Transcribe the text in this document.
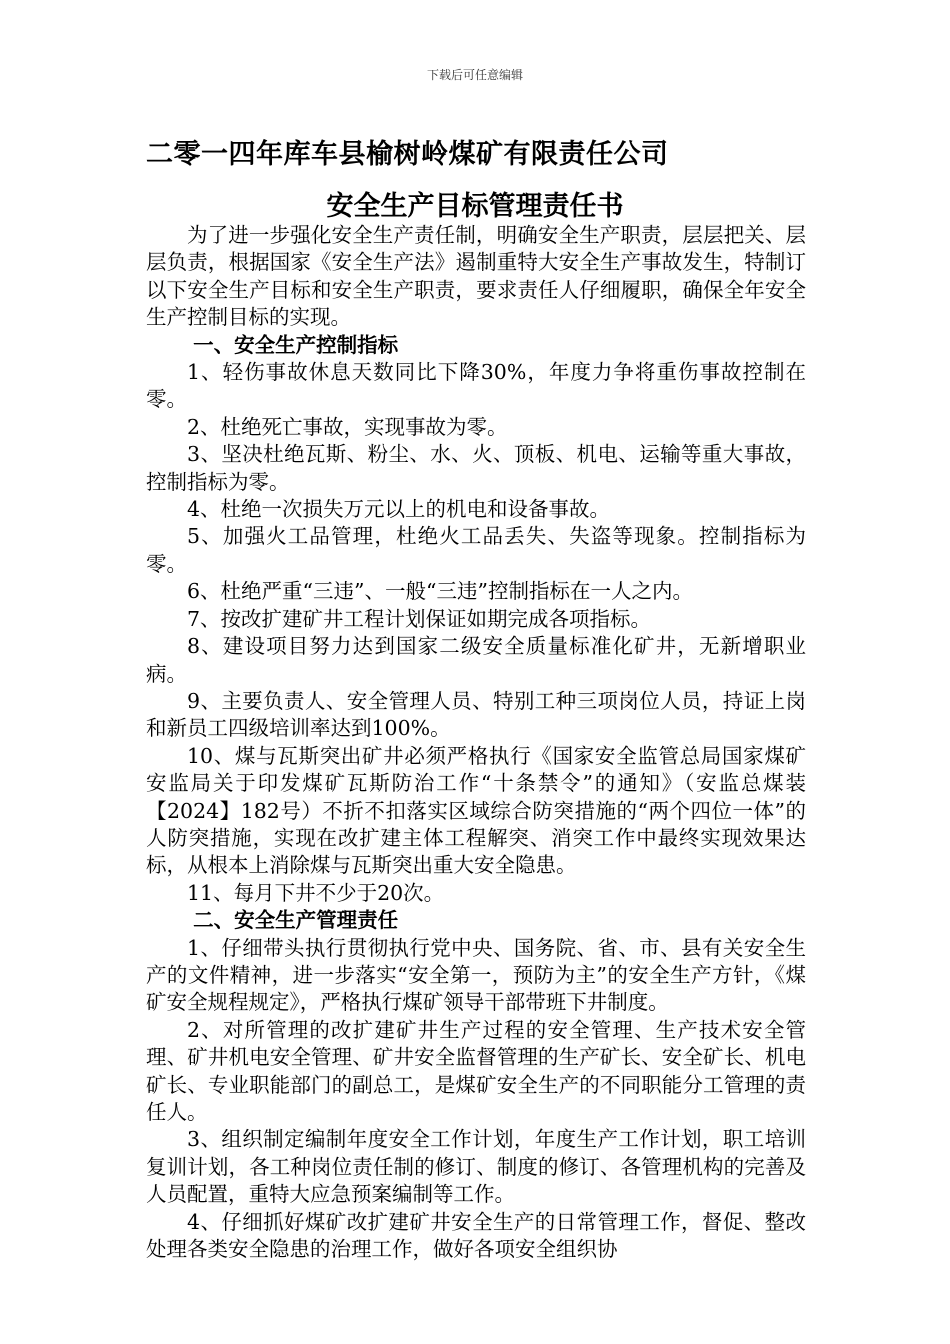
下载后可任意编辑
二零一四年库车县榆树岭煤矿有限责任公司
安全生产目标管理责任书

为了进一步强化安全生产责任制，明确安全生产职责，层层把关、层层负责，根据国家《安全生产法》遏制重特大安全生产事故发生，特制订以下安全生产目标和安全生产职责，要求责任人仔细履职，确保全年安全生产控制目标的实现。

一、安全生产控制指标

1、轻伤事故休息天数同比下降30%，年度力争将重伤事故控制在零。

2、杜绝死亡事故，实现事故为零。

3、坚决杜绝瓦斯、粉尘、水、火、顶板、机电、运输等重大事故，控制指标为零。

4、杜绝一次损失万元以上的机电和设备事故。

5、加强火工品管理，杜绝火工品丢失、失盗等现象。控制指标为零。

6、杜绝严重“三违”、一般“三违”控制指标在一人之内。

7、按改扩建矿井工程计划保证如期完成各项指标。

8、建设项目努力达到国家二级安全质量标准化矿井，无新增职业病。

9、主要负责人、安全管理人员、特别工种三项岗位人员，持证上岗和新员工四级培训率达到100%。

10、煤与瓦斯突出矿井必须严格执行《国家安全监管总局国家煤矿安监局关于印发煤矿瓦斯防治工作“十条禁令”的通知》（安监总煤装【2024】182号）不折不扣落实区域综合防突措施的“两个四位一体”的人防突措施，实现在改扩建主体工程解突、消突工作中最终实现效果达标，从根本上消除煤与瓦斯突出重大安全隐患。

11、每月下井不少于20次。

二、安全生产管理责任

1、仔细带头执行贯彻执行党中央、国务院、省、市、县有关安全生产的文件精神，进一步落实“安全第一，预防为主”的安全生产方针，《煤矿安全规程规定》，严格执行煤矿领导干部带班下井制度。

2、对所管理的改扩建矿井生产过程的安全管理、生产技术安全管理、矿井机电安全管理、矿井安全监督管理的生产矿长、安全矿长、机电矿长、专业职能部门的副总工，是煤矿安全生产的不同职能分工管理的责任人。

3、组织制定编制年度安全工作计划，年度生产工作计划，职工培训复训计划，各工种岗位责任制的修订、制度的修订、各管理机构的完善及人员配置，重特大应急预案编制等工作。

4、仔细抓好煤矿改扩建矿井安全生产的日常管理工作，督促、整改处理各类安全隐患的治理工作，做好各项安全组织协
